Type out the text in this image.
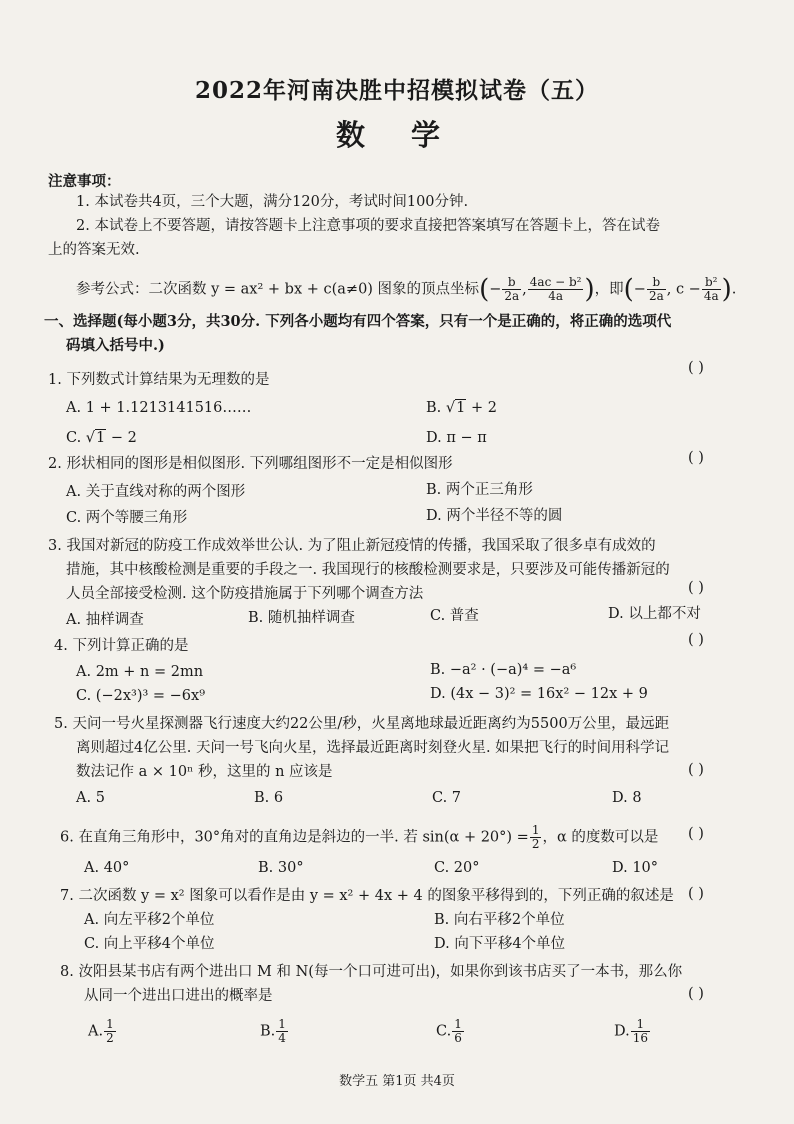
2022年河南决胜中招模拟试卷（五）
数 学
注意事项：
1. 本试卷共4页，三个大题，满分120分，考试时间100分钟.
2. 本试卷上不要答题，请按答题卡上注意事项的要求直接把答案填写在答题卡上，答在试卷
上的答案无效.
参考公式：二次函数 y = ax² + bx + c(a≠0) 图象的顶点坐标(− $\frac{b}{2a}$ , $\frac{\text{4ac − b²}}{4a}$ )，即(− $\frac{b}{2a}$ , $c - \frac{\text{b²}}{4a}$ ).
一、选择题(每小题3分，共30分. 下列各小题均有四个答案，只有一个是正确的，将正确的选项代
码填入括号中.)
1. 下列数式计算结果为无理数的是
( )
A. 1 + 1.1213141516……	B. √1 + 2
C. √1 − 2	D. π − π
2. 形状相同的图形是相似图形. 下列哪组图形不一定是相似图形	( )
A. 关于直线对称的两个图形	B. 两个正三角形
C. 两个等腰三角形	D. 两个半径不等的圆
3. 我国对新冠的防疫工作成效举世公认. 为了阻止新冠疫情的传播，我国采取了很多卓有成效的
措施，其中核酸检测是重要的手段之一. 我国现行的核酸检测要求是，只要涉及可能传播新冠的
人员全部接受检测. 这个防疫措施属于下列哪个调查方法	( )
A. 抽样调查	B. 随机抽样调查	C. 普查	D. 以上都不对
4. 下列计算正确的是	( )
A. 2m + n = 2mn	B. −a² · (−a)⁴ = −a⁶
C. (−2x³)³ = −6x⁹	D. (4x − 3)² = 16x² − 12x + 9
5. 天问一号火星探测器飞行速度大约22公里/秒，火星离地球最近距离约为5500万公里，最远距
离则超过4亿公里. 天问一号飞向火星，选择最近距离时刻登火星. 如果把飞行的时间用科学记
数法记作 a × 10ⁿ 秒，这里的 n 应该是	( )
A. 5	B. 6	C. 7	D. 8
6. 在直角三角形中，30°角对的直角边是斜边的一半. 若 $\sin(\alpha + 20^\circ) = \frac{1}{2}$ ，α 的度数可以是 ( )
A. 40°	B. 30°	C. 20°	D. 10°
7. 二次函数 y = x² 图象可以看作是由 y = x² + 4x + 4 的图象平移得到的，下列正确的叙述是 ( )
A. 向左平移2个单位	B. 向右平移2个单位
C. 向上平移4个单位	D. 向下平移4个单位
8. 汝阳县某书店有两个进出口 M 和 N(每一个口可进可出)，如果你到该书店买了一本书，那么你
从同一个进出口进出的概率是	( )
A. $\frac{1}{2}$	B. $\frac{1}{4}$	C. $\frac{1}{6}$	D. $\frac{1}{16}$
数学五 第1页 共4页
